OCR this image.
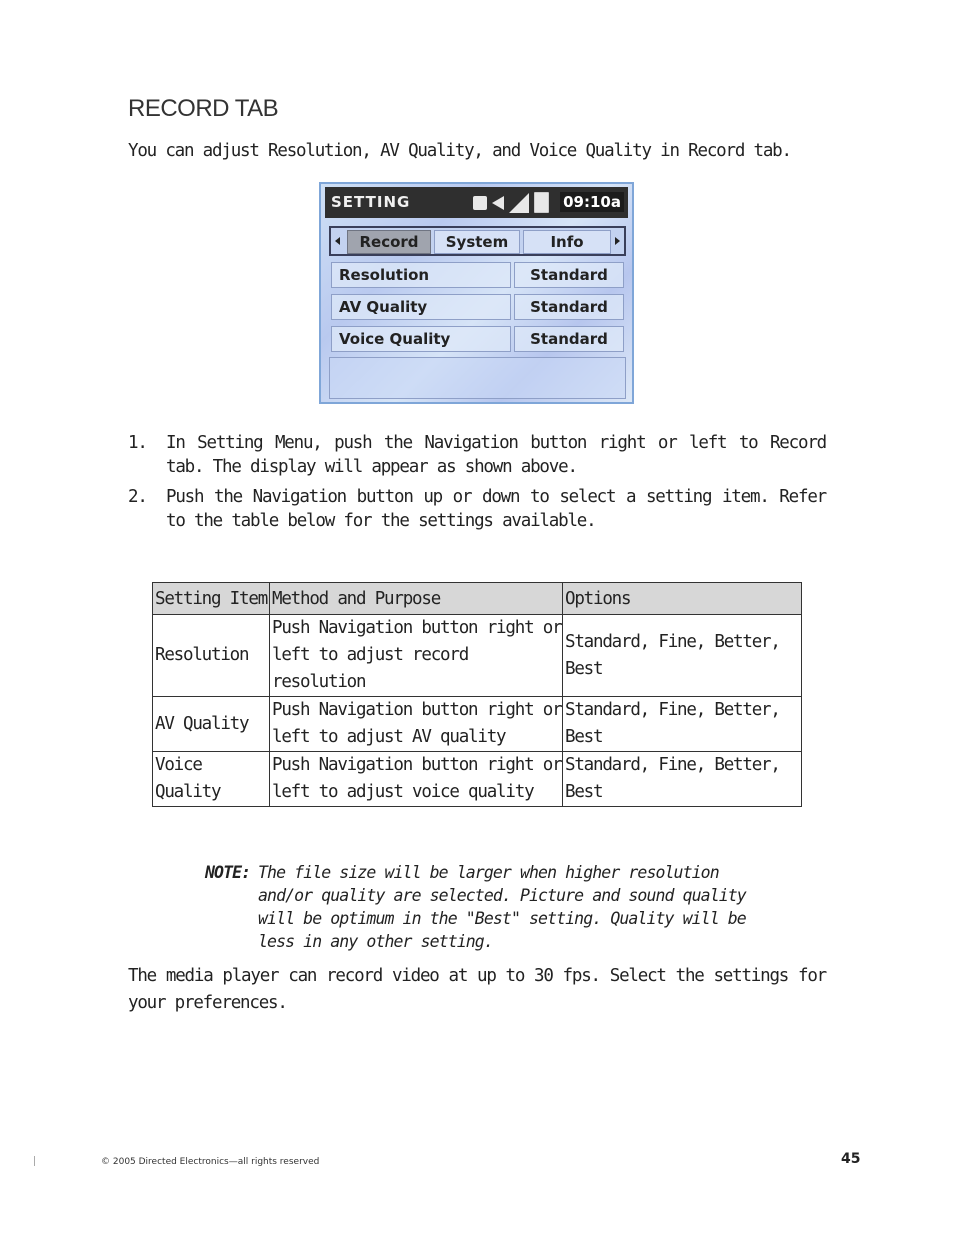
RECORD TAB

You can adjust Resolution, AV Quality, and Voice Quality in Record tab.

SETTING	09:10a
Record	System	Info
Resolution	Standard
AV Quality	Standard
Voice Quality	Standard
1. In Setting Menu, push the Navigation button right or left to Record tab. The display will appear as shown above.
2. Push the Navigation button up or down to select a setting item. Refer to the table below for the settings available.
Setting Item	Method and Purpose	Options
Resolution	Push Navigation button right or left to adjust record resolution	Standard, Fine, Better, Best
AV Quality	Push Navigation button right or left to adjust AV quality	Standard, Fine, Better, Best
Voice Quality	Push Navigation button right or left to adjust voice quality	Standard, Fine, Better, Best
NOTE: The file size will be larger when higher resolution and/or quality are selected. Picture and sound quality will be optimum in the "Best" setting. Quality will be less in any other setting.

The media player can record video at up to 30 fps. Select the settings for your preferences.

© 2005 Directed Electronics—all rights reserved	45
